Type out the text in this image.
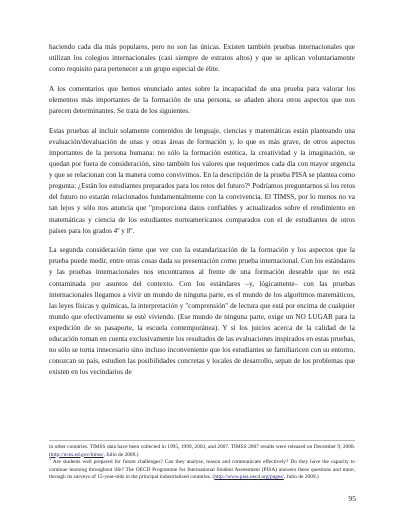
haciendo cada día más populares, pero no son las únicas. Existen también pruebas internacionales que utilizan los colegios internacionales (casi siempre de estratos altos) y que se aplican voluntariamente como requisito para pertenecer a un grupo especial de élite.

A los comentarios que hemos enunciado antes sobre la incapacidad de una prueba para valorar los elementos más importantes de la formación de una persona, se añaden ahora otros aspectos que nos parecen determinantes. Se trata de los siguientes.

Estas pruebas al incluir solamente contenidos de lenguaje, ciencias y matemáticas están planteando una evaluación/devaluación de unas y otras áreas de formación y, lo que es más grave, de otros aspectos importantes de la persona humana: no sólo la formación estética, la creatividad y la imaginación, se quedan por fuera de consideración, sino también los valores que requerimos cada día con mayor urgencia y que se relacionan con la manera como convivimos. En la descripción de la prueba PISA se plantea como pregunta: ¿Están los estudiantes preparados para los retos del futuro?⁵ Podríamos preguntarnos si los retos del futuro no estarán relacionados fundamentalmente con la convivencia. El TIMSS, por lo menos no va tan lejos y sólo nos anuncia que "proporciona datos confiables y actualizados sobre el rendimiento en matemáticas y ciencia de los estudiantes norteamericanos comparados con el de estudiantes de otros países para los grados 4º y 8º.

La segunda consideración tiene que ver con la estandarización de la formación y los aspectos que la prueba puede medir, entre otras cosas dada su presentación como prueba internacional. Con los estándares y las pruebas internacionales nos encontramos al frente de una formación deseable que no está contaminada por asuntos del contexto. Con los estándares –y, lógicamente– con las pruebas internacionales llegamos a vivir un mundo de ninguna parte, es el mundo de los algoritmos matemáticos, las leyes físicas y químicas, la interpretación y "comprensión" de lectura que está por encima de cualquier mundo que efectivamente se esté viviendo. (Ese mundo de ninguna parte, exige un NO LUGAR para la expedición de su pasaporte, la escuela contemporánea). Y si los juicios acerca de la calidad de la educación toman en cuenta exclusivamente los resultados de las evaluaciones inspirados en estas pruebas, no sólo se torna innecesario sino incluso inconveniente que los estudiantes se familiaricen con su entorno, conozcan su país, estudien las posibilidades concretas y locales de desarrollo, sepan de los problemas que existen en los vecindarios de

in other countries. TIMSS data have been collected in 1995, 1999, 2003, and 2007. TIMSS 2007 results were released on December 9, 2008. (http://nces.ed.gov/timss/, Julio de 2009.)

$^5$ Are students well prepared for future challenges? Can they analyse, reason and communicate effectively? Do they have the capacity to continue learning throughout life? The OECD Programme for International Student Assessment (PISA) answers these questions and more, through its surveys of 15-year-olds in the principal industrialised countries. (http://www.pisa.oecd.org/pages/, Julio de 2009.)

95
